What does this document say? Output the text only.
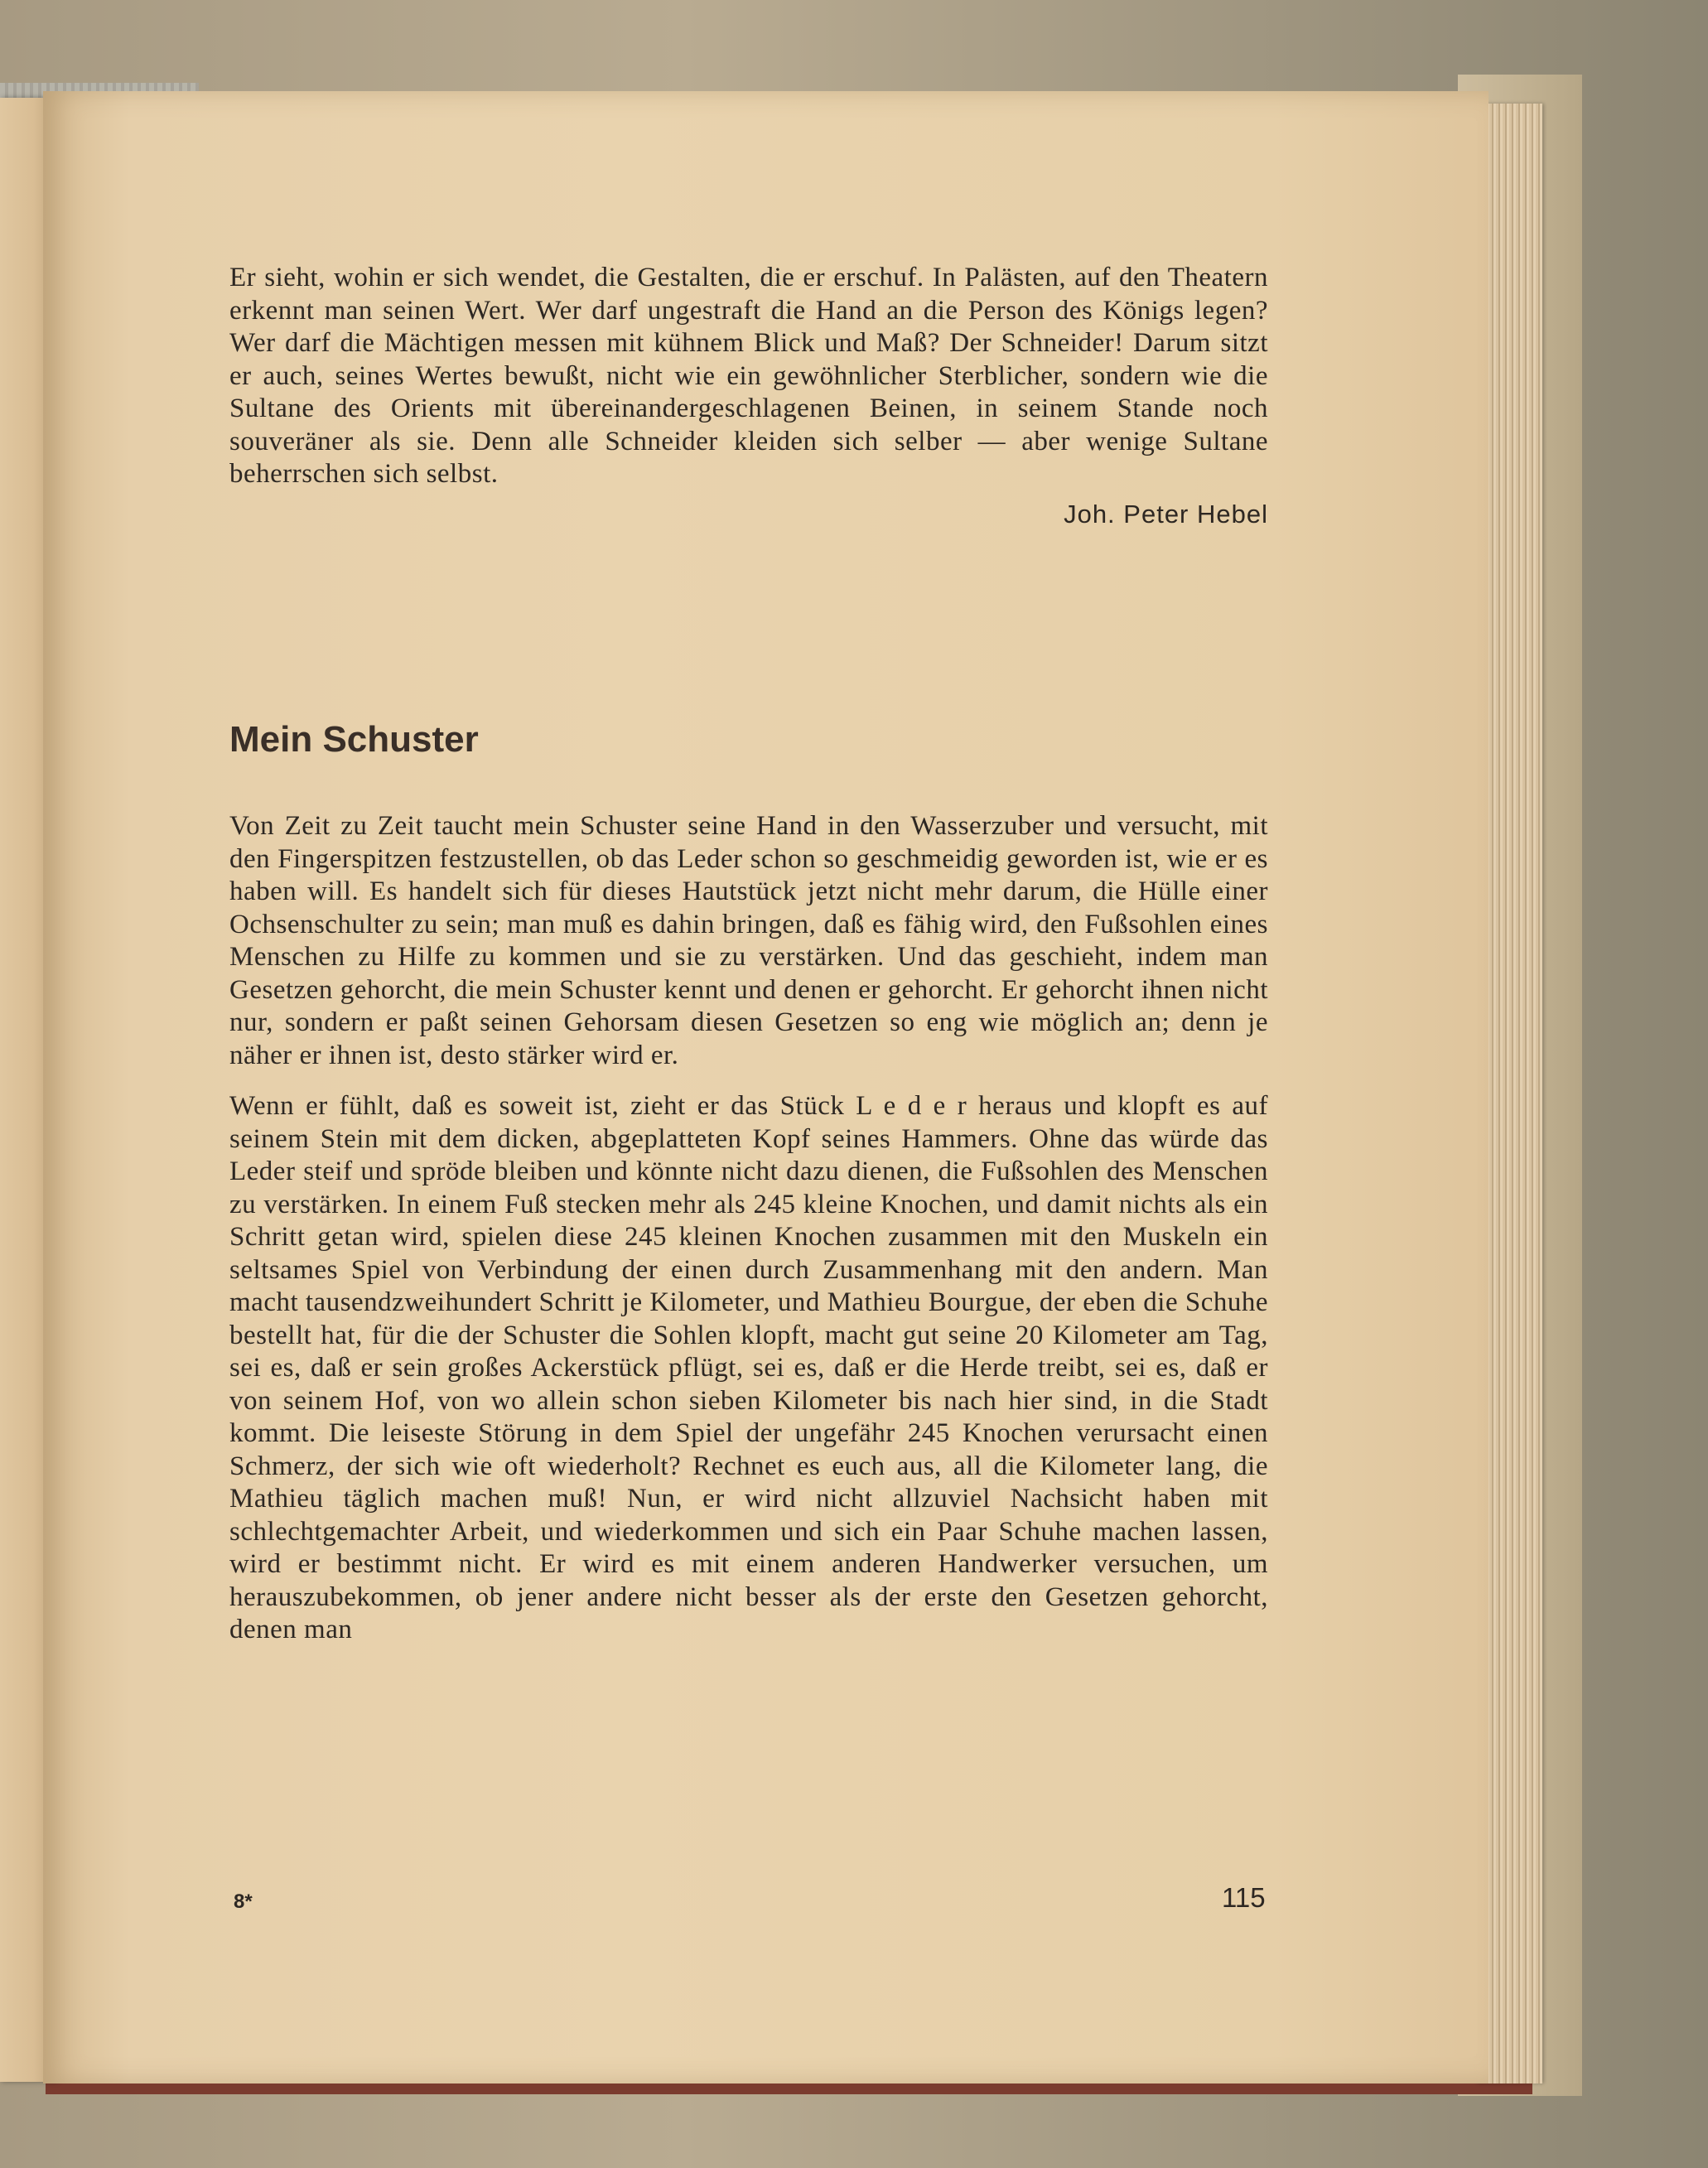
Er sieht, wohin er sich wendet, die Gestalten, die er erschuf. In Palästen, auf den Theatern erkennt man seinen Wert. Wer darf ungestraft die Hand an die Person des Königs legen? Wer darf die Mächtigen messen mit kühnem Blick und Maß? Der Schneider! Darum sitzt er auch, seines Wertes bewußt, nicht wie ein gewöhnlicher Sterblicher, sondern wie die Sultane des Orients mit übereinandergeschlagenen Beinen, in seinem Stande noch souveräner als sie. Denn alle Schneider kleiden sich selber — aber wenige Sultane beherrschen sich selbst.

Joh. Peter Hebel
Mein Schuster

Von Zeit zu Zeit taucht mein Schuster seine Hand in den Wasserzuber und versucht, mit den Fingerspitzen festzustellen, ob das Leder schon so geschmeidig geworden ist, wie er es haben will. Es handelt sich für dieses Hautstück jetzt nicht mehr darum, die Hülle einer Ochsenschulter zu sein; man muß es dahin bringen, daß es fähig wird, den Fußsohlen eines Menschen zu Hilfe zu kommen und sie zu verstärken. Und das geschieht, indem man Gesetzen gehorcht, die mein Schuster kennt und denen er gehorcht. Er gehorcht ihnen nicht nur, sondern er paßt seinen Gehorsam diesen Gesetzen so eng wie möglich an; denn je näher er ihnen ist, desto stärker wird er.

Wenn er fühlt, daß es soweit ist, zieht er das Stück L e d e r heraus und klopft es auf seinem Stein mit dem dicken, abgeplatteten Kopf seines Hammers. Ohne das würde das Leder steif und spröde bleiben und könnte nicht dazu dienen, die Fußsohlen des Menschen zu verstärken. In einem Fuß stecken mehr als 245 kleine Knochen, und damit nichts als ein Schritt getan wird, spielen diese 245 kleinen Knochen zusammen mit den Muskeln ein seltsames Spiel von Verbindung der einen durch Zusammenhang mit den andern. Man macht tausendzweihundert Schritt je Kilometer, und Mathieu Bourgue, der eben die Schuhe bestellt hat, für die der Schuster die Sohlen klopft, macht gut seine 20 Kilometer am Tag, sei es, daß er sein großes Ackerstück pflügt, sei es, daß er die Herde treibt, sei es, daß er von seinem Hof, von wo allein schon sieben Kilometer bis nach hier sind, in die Stadt kommt. Die leiseste Störung in dem Spiel der ungefähr 245 Knochen verursacht einen Schmerz, der sich wie oft wiederholt? Rechnet es euch aus, all die Kilometer lang, die Mathieu täglich machen muß! Nun, er wird nicht allzuviel Nachsicht haben mit schlechtgemachter Arbeit, und wiederkommen und sich ein Paar Schuhe machen lassen, wird er bestimmt nicht. Er wird es mit einem anderen Handwerker versuchen, um herauszubekommen, ob jener andere nicht besser als der erste den Gesetzen gehorcht, denen man

8*	115
